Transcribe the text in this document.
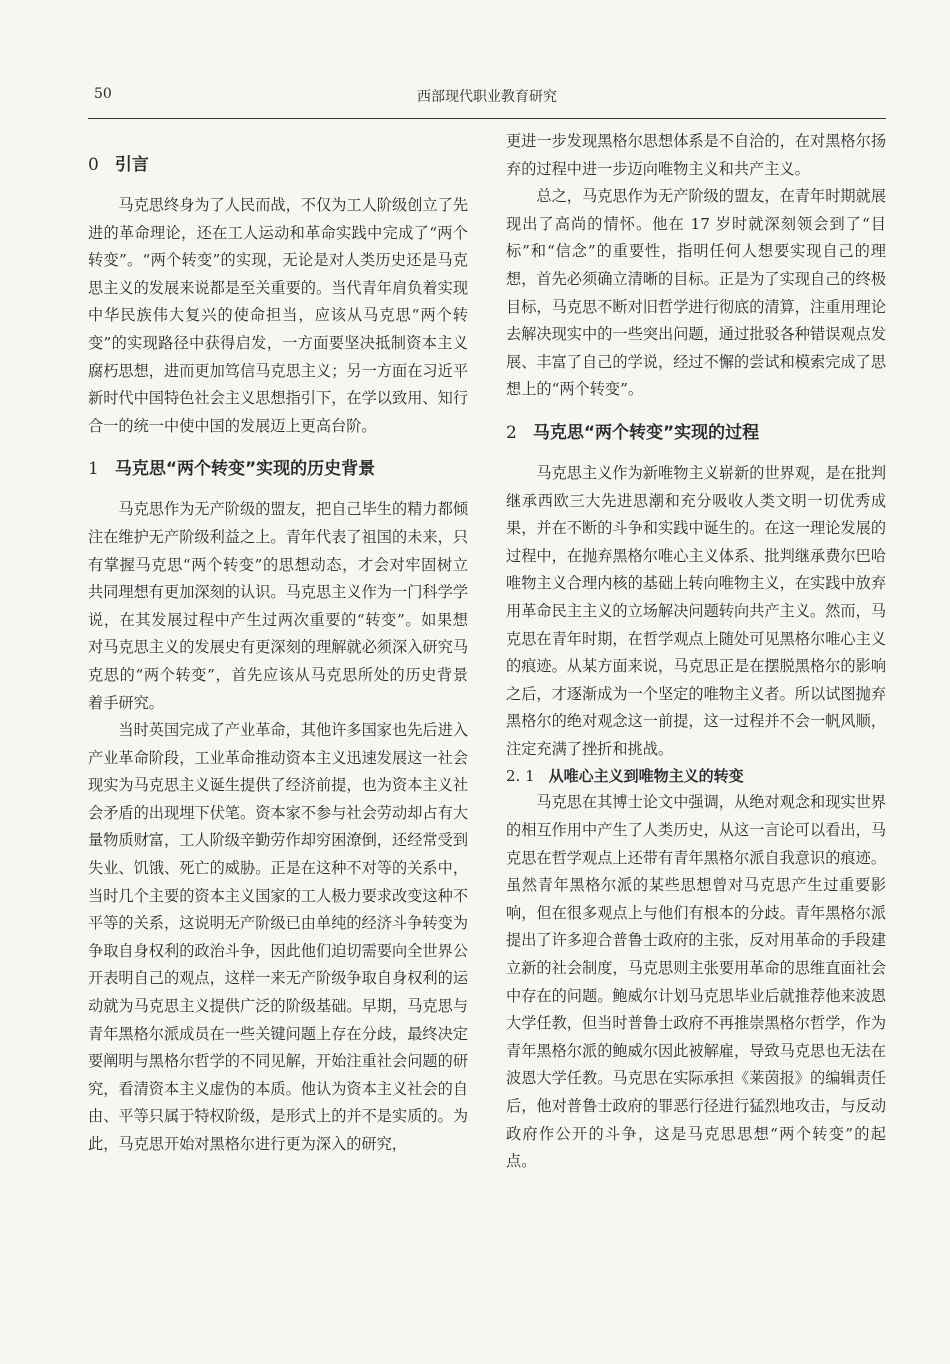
50	西部现代职业教育研究
0 引言

马克思终身为了人民而战，不仅为工人阶级创立了先进的革命理论，还在工人运动和革命实践中完成了“两个转变”。“两个转变”的实现，无论是对人类历史还是马克思主义的发展来说都是至关重要的。当代青年肩负着实现中华民族伟大复兴的使命担当，应该从马克思“两个转变”的实现路径中获得启发，一方面要坚决抵制资本主义腐朽思想，进而更加笃信马克思主义；另一方面在习近平新时代中国特色社会主义思想指引下，在学以致用、知行合一的统一中使中国的发展迈上更高台阶。

1 马克思“两个转变”实现的历史背景

马克思作为无产阶级的盟友，把自己毕生的精力都倾注在维护无产阶级利益之上。青年代表了祖国的未来，只有掌握马克思“两个转变”的思想动态，才会对牢固树立共同理想有更加深刻的认识。马克思主义作为一门科学学说，在其发展过程中产生过两次重要的“转变”。如果想对马克思主义的发展史有更深刻的理解就必须深入研究马克思的“两个转变”，首先应该从马克思所处的历史背景着手研究。

当时英国完成了产业革命，其他许多国家也先后进入产业革命阶段，工业革命推动资本主义迅速发展这一社会现实为马克思主义诞生提供了经济前提，也为资本主义社会矛盾的出现埋下伏笔。资本家不参与社会劳动却占有大量物质财富，工人阶级辛勤劳作却穷困潦倒，还经常受到失业、饥饿、死亡的威胁。正是在这种不对等的关系中，当时几个主要的资本主义国家的工人极力要求改变这种不平等的关系，这说明无产阶级已由单纯的经济斗争转变为争取自身权利的政治斗争，因此他们迫切需要向全世界公开表明自己的观点，这样一来无产阶级争取自身权利的运动就为马克思主义提供广泛的阶级基础。早期，马克思与青年黑格尔派成员在一些关键问题上存在分歧，最终决定要阐明与黑格尔哲学的不同见解，开始注重社会问题的研究，看清资本主义虚伪的本质。他认为资本主义社会的自由、平等只属于特权阶级，是形式上的并不是实质的。为此，马克思开始对黑格尔进行更为深入的研究，

更进一步发现黑格尔思想体系是不自洽的，在对黑格尔扬弃的过程中进一步迈向唯物主义和共产主义。

总之，马克思作为无产阶级的盟友，在青年时期就展现出了高尚的情怀。他在 17 岁时就深刻领会到了“目标”和“信念”的重要性，指明任何人想要实现自己的理想，首先必须确立清晰的目标。正是为了实现自己的终极目标，马克思不断对旧哲学进行彻底的清算，注重用理论去解决现实中的一些突出问题，通过批驳各种错误观点发展、丰富了自己的学说，经过不懈的尝试和模索完成了思想上的“两个转变”。

2 马克思“两个转变”实现的过程

马克思主义作为新唯物主义崭新的世界观，是在批判继承西欧三大先进思潮和充分吸收人类文明一切优秀成果，并在不断的斗争和实践中诞生的。在这一理论发展的过程中，在抛弃黑格尔唯心主义体系、批判继承费尔巴哈唯物主义合理内核的基础上转向唯物主义，在实践中放弃用革命民主主义的立场解决问题转向共产主义。然而，马克思在青年时期，在哲学观点上随处可见黑格尔唯心主义的痕迹。从某方面来说，马克思正是在摆脱黑格尔的影响之后，才逐渐成为一个坚定的唯物主义者。所以试图抛弃黑格尔的绝对观念这一前提，这一过程并不会一帆风顺，注定充满了挫折和挑战。

2. 1 从唯心主义到唯物主义的转变

马克思在其博士论文中强调，从绝对观念和现实世界的相互作用中产生了人类历史，从这一言论可以看出，马克思在哲学观点上还带有青年黑格尔派自我意识的痕迹。虽然青年黑格尔派的某些思想曾对马克思产生过重要影响，但在很多观点上与他们有根本的分歧。青年黑格尔派提出了许多迎合普鲁士政府的主张，反对用革命的手段建立新的社会制度，马克思则主张要用革命的思维直面社会中存在的问题。鲍威尔计划马克思毕业后就推荐他来波恩大学任教，但当时普鲁士政府不再推崇黑格尔哲学，作为青年黑格尔派的鲍威尔因此被解雇，导致马克思也无法在波恩大学任教。马克思在实际承担《莱茵报》的编辑责任后，他对普鲁士政府的罪恶行径进行猛烈地攻击，与反动政府作公开的斗争，这是马克思思想“两个转变”的起点。
